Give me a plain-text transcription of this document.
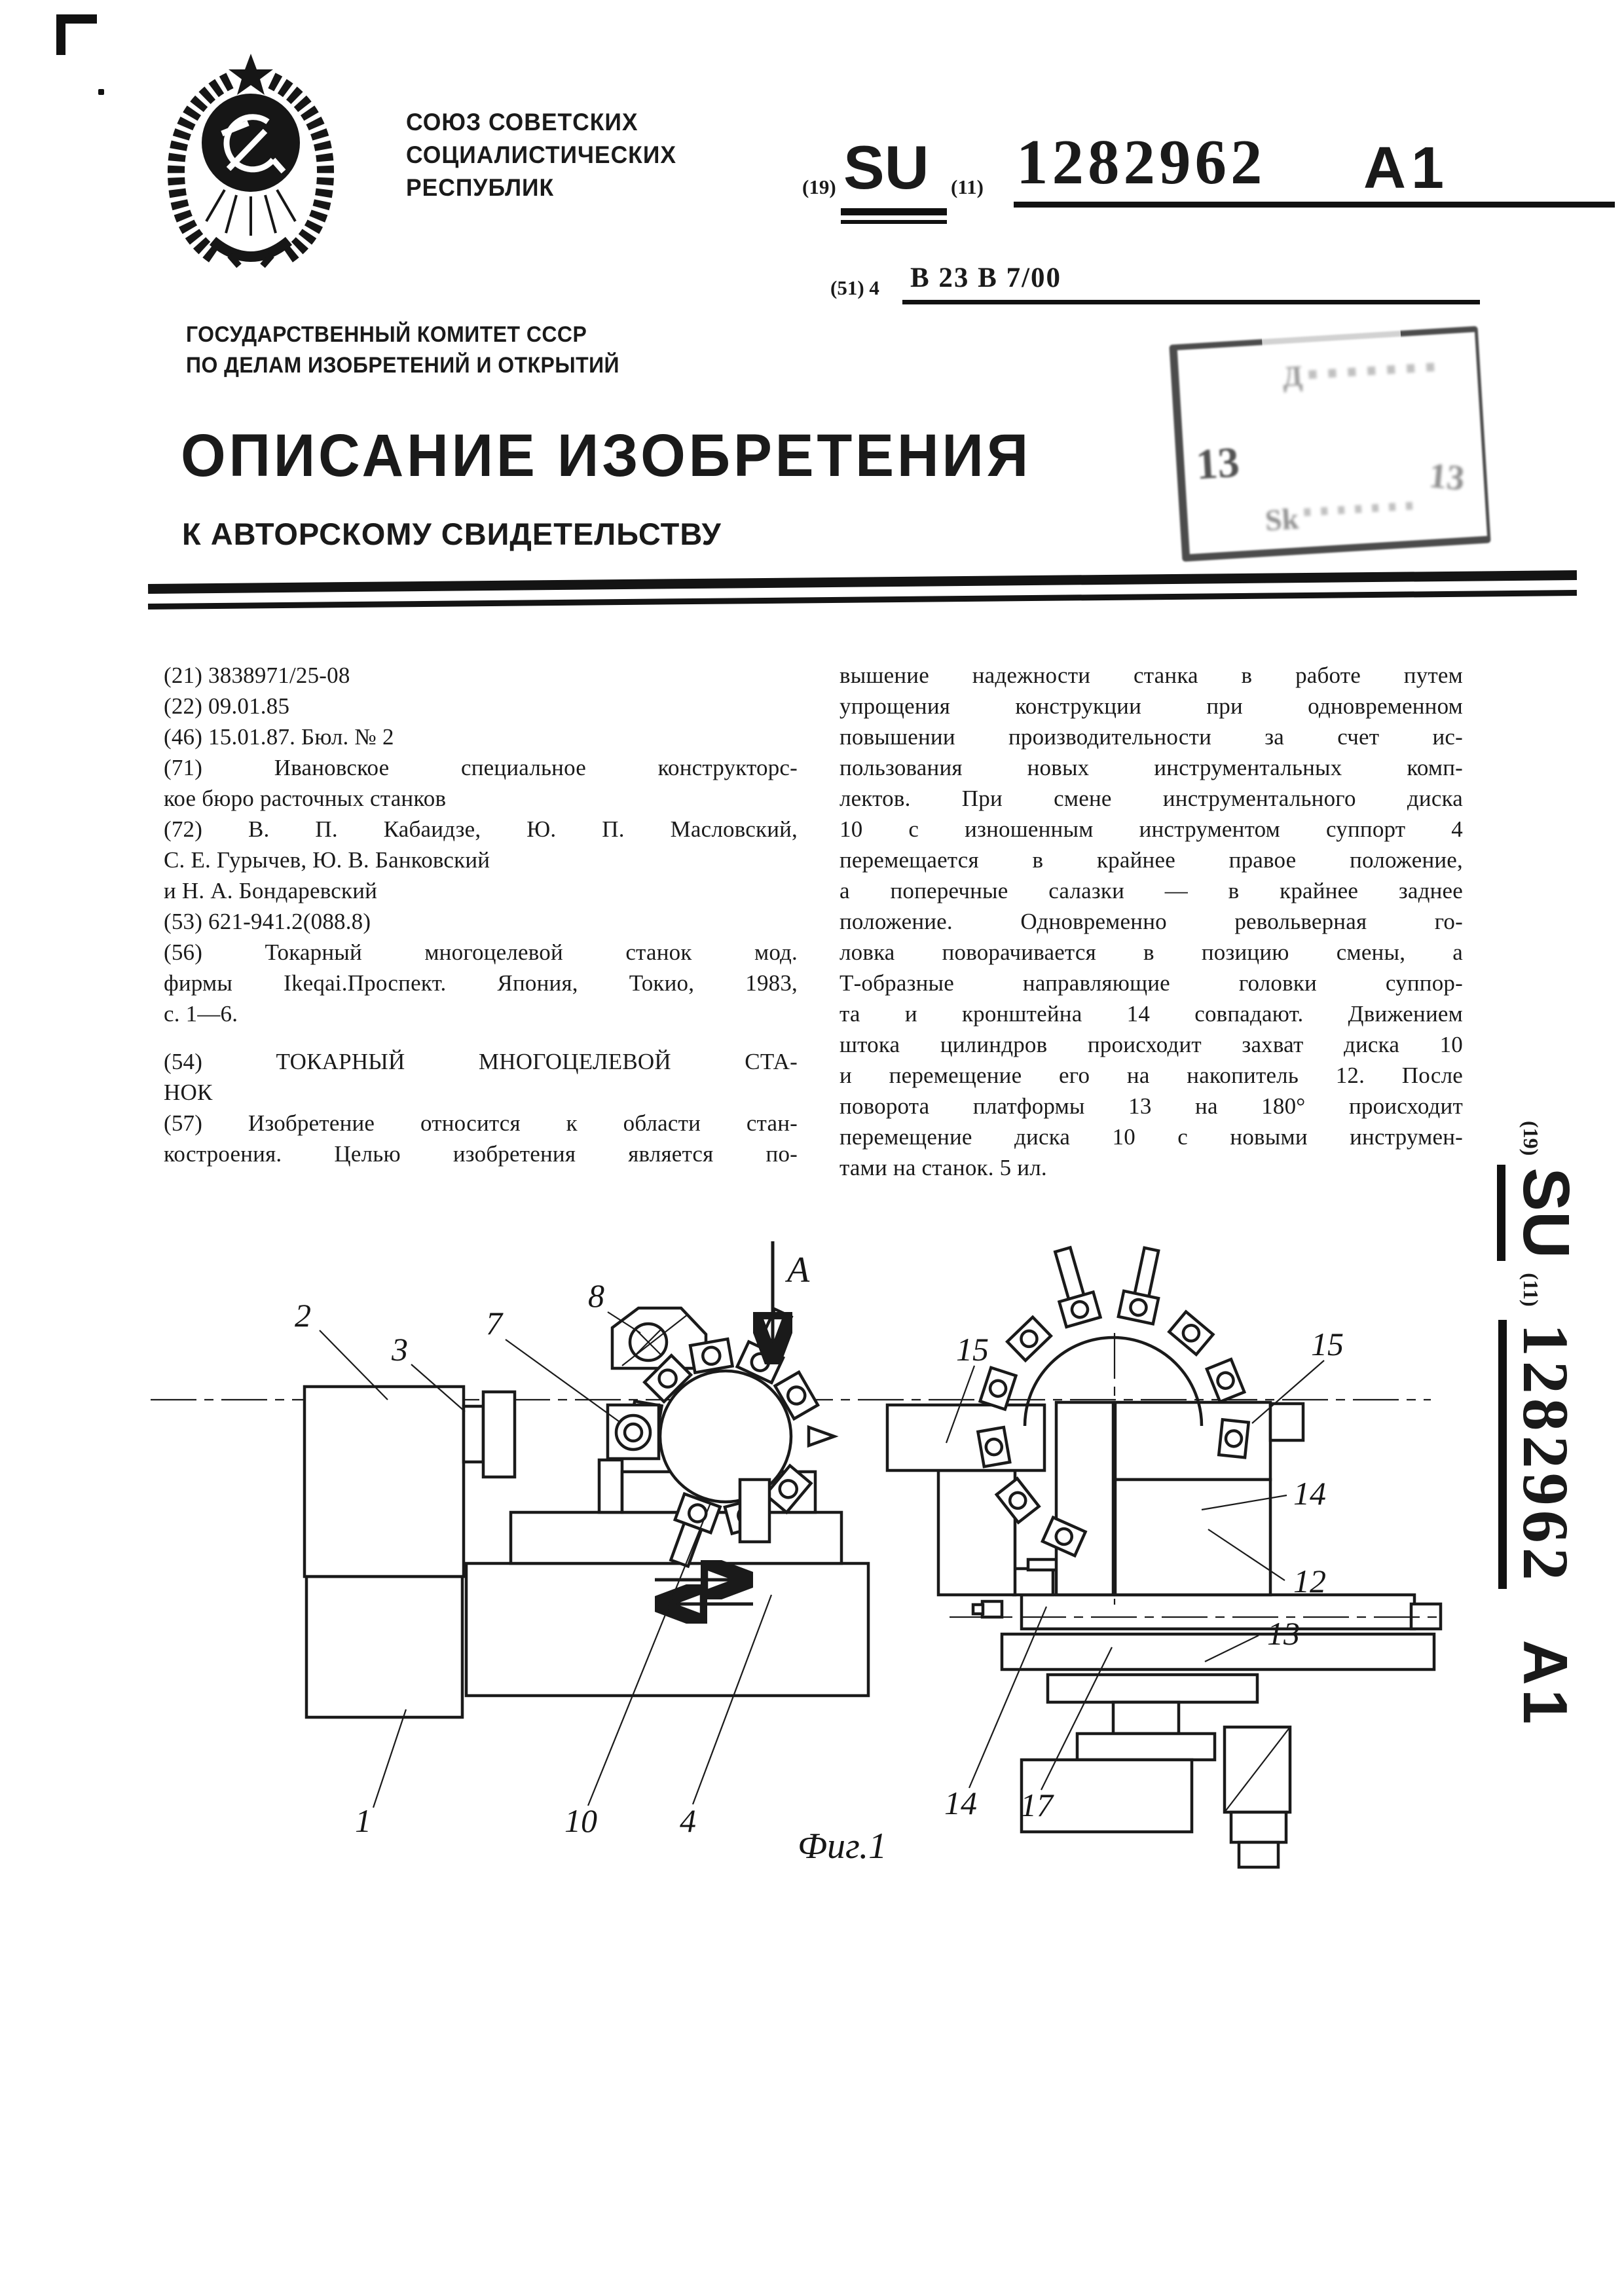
СОЮЗ СОВЕТСКИХ
СОЦИАЛИСТИЧЕСКИХ
РЕСПУБЛИК	(19) SU (11) 1282962 A1
(51) 4 В 23 В 7/00
ГОСУДАРСТВЕННЫЙ КОМИТЕТ СССР
ПО ДЕЛАМ ИЗОБРЕТЕНИЙ И ОТКРЫТИЙ
ОПИСАНИЕ ИЗОБРЕТЕНИЯ
К АВТОРСКОМУ СВИДЕТЕЛЬСТВУ
Д
13	13
Sk
(21) 3838971/25-08
(22) 09.01.85
(46) 15.01.87. Бюл. № 2
(71) Ивановское специальное конструкторс-
кое бюро расточных станков
(72) В. П. Кабаидзе, Ю. П. Масловский,
С. Е. Гурычев, Ю. В. Банковский
и Н. А. Бондаревский
(53) 621-941.2(088.8)
(56) Токарный многоцелевой станок мод.
фирмы Ikeqai.Проспект. Япония, Токио, 1983,
с. 1—6.
(54) ТОКАРНЫЙ МНОГОЦЕЛЕВОЙ СТА-
НОК
(57) Изобретение относится к области стан-
костроения. Целью изобретения является по-
вышение надежности станка в работе путем
упрощения конструкции при одновременном
повышении производительности за счет ис-
пользования новых инструментальных комп-
лектов. При смене инструментального диска
10 с изношенным инструментом суппорт 4
перемещается в крайнее правое положение,
а поперечные салазки — в крайнее заднее
положение. Одновременно револьверная го-
ловка поворачивается в позицию смены, а
Т-образные направляющие головки суппор-
та и кронштейна 14 совпадают. Движением
штока цилиндров происходит захват диска 10
и перемещение его на накопитель 12. После
поворота платформы 13 на 180° происходит
перемещение диска 10 с новыми инструмен-
тами на станок. 5 ил.
2
3
7
8
А
15	15
14
12
13
1	10	4	14 17
Фиг.1
(19)
SU
(11)
1282962
A1
